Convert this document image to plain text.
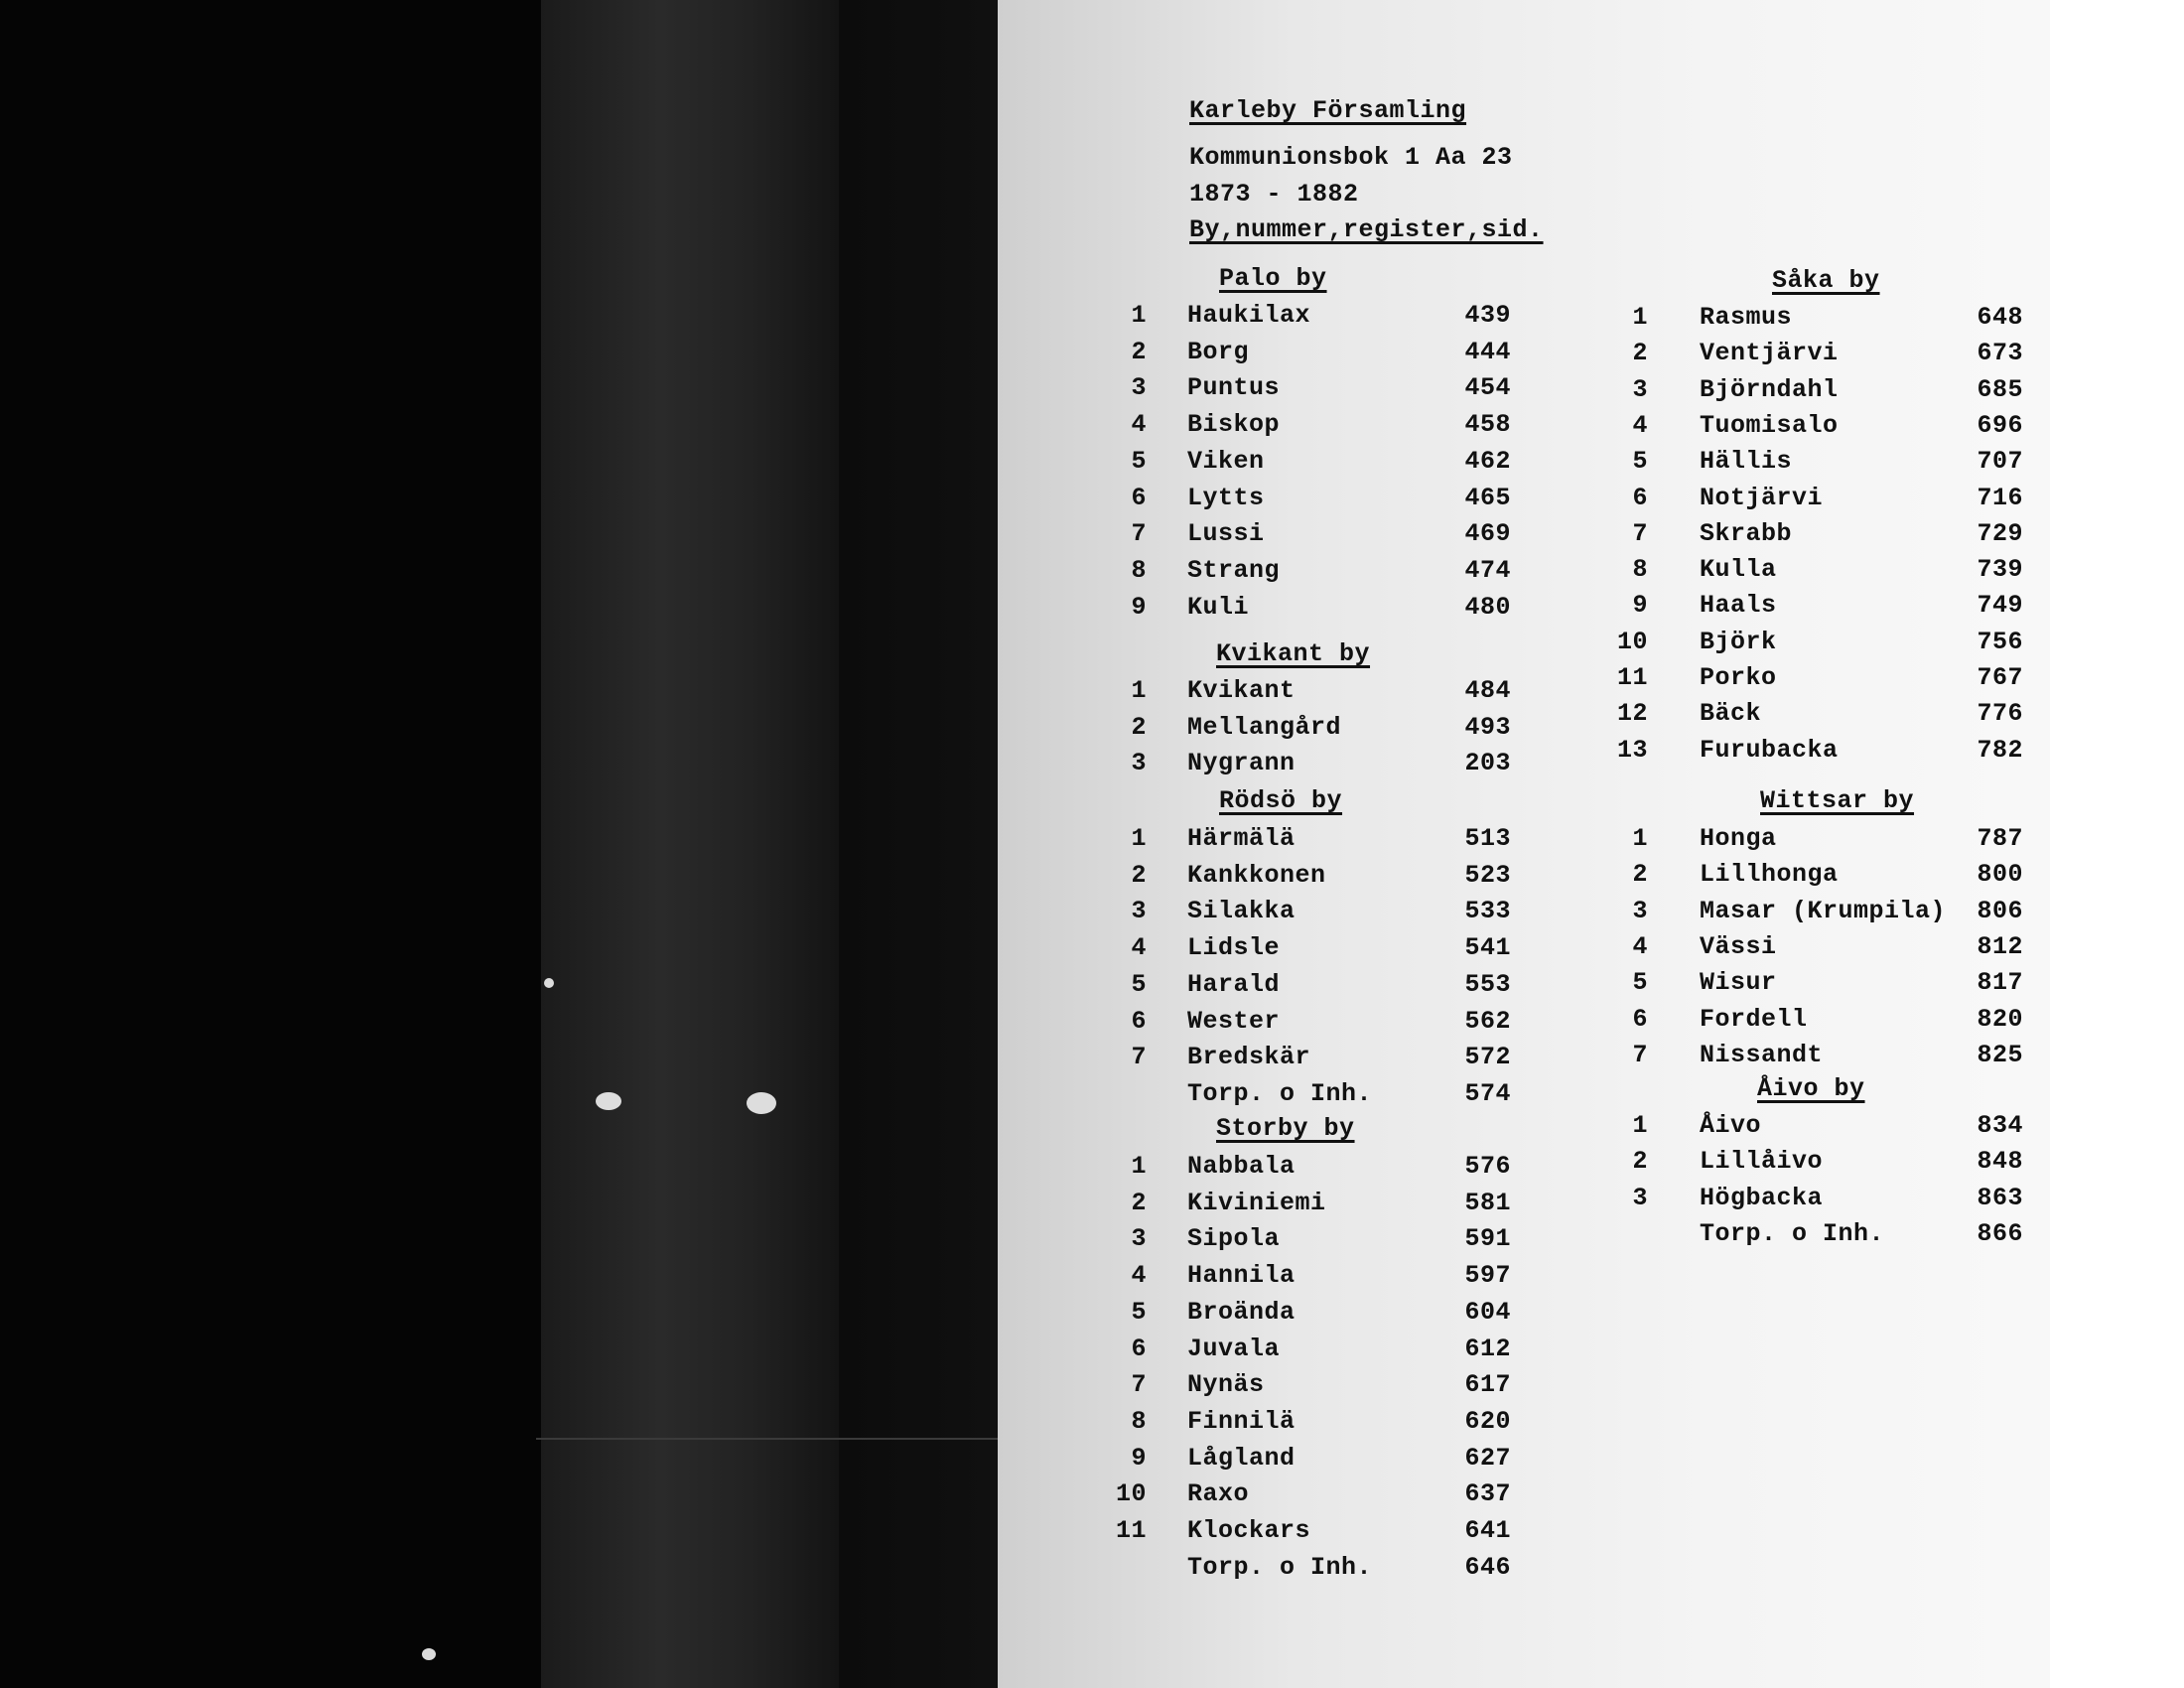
Karleby Församling
Kommunionsbok 1 Aa 23
1873 - 1882
By,nummer,register,sid.
Palo by
1 Haukilax	439
2 Borg	444
3 Puntus	454
4 Biskop	458
5 Viken	462
6 Lytts	465
7 Lussi	469
8 Strang	474
9 Kuli	480
Kvikant by
1 Kvikant	484
2 Mellangård	493
3 Nygrann	203
Rödsö by
1 Härmälä	513
2 Kankkonen	523
3 Silakka	533
4 Lidsle	541
5 Harald	553
6 Wester	562
7 Bredskär	572
Torp. o Inh.	574
Storby by
1 Nabbala	576
2 Kiviniemi	581
3 Sipola	591
4 Hannila	597
5 Broända	604
6 Juvala	612
7 Nynäs	617
8 Finnilä	620
9 Lågland	627
10 Raxo	637
11 Klockars	641
Torp. o Inh.	646
Såka by
1 Rasmus	648
2 Ventjärvi	673
3 Björndahl	685
4 Tuomisalo	696
5 Hällis	707
6 Notjärvi	716
7 Skrabb	729
8 Kulla	739
9 Haals	749
10 Björk	756
11 Porko	767
12 Bäck	776
13 Furubacka	782
Wittsar by
1 Honga	787
2 Lillhonga	800
3 Masar (Krumpila)	806
4 Vässi	812
5 Wisur	817
6 Fordell	820
7 Nissandt	825
Åivo by
1 Åivo	834
2 Lillåivo	848
3 Högbacka	863
Torp. o Inh.	866
